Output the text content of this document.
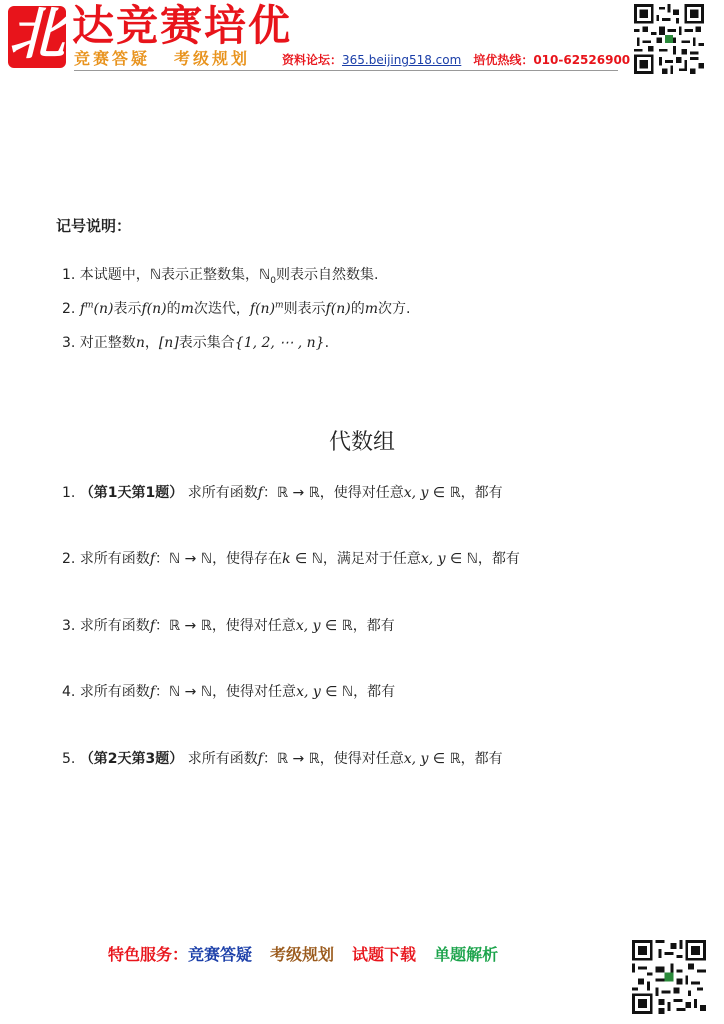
北 达竞赛培优
竞赛答疑 考级规划	资料论坛：365.beijing518.com 培优热线：010-62526900
记号说明：
1. 本试题中，ℕ表示正整数集，ℕ$_0$则表示自然数集.
2. $f^m(n)$表示f(n)的m次迭代，$f(n)^m$则表示f(n)的m次方.
3. 对正整数n，[n]表示集合{1, 2, ⋯ , n}.
代数组
1. （第1天第1题） 求所有函数f：ℝ → ℝ，使得对任意x, y ∈ ℝ，都有
2. 求所有函数f：ℕ → ℕ，使得存在k ∈ ℕ，满足对于任意x, y ∈ ℕ，都有
3. 求所有函数f：ℝ → ℝ，使得对任意x, y ∈ ℝ，都有
4. 求所有函数f：ℕ → ℕ，使得对任意x, y ∈ ℕ，都有
5. （第2天第3题） 求所有函数f：ℝ → ℝ，使得对任意x, y ∈ ℝ，都有
特色服务：竞赛答疑 考级规划 试题下载 单题解析
